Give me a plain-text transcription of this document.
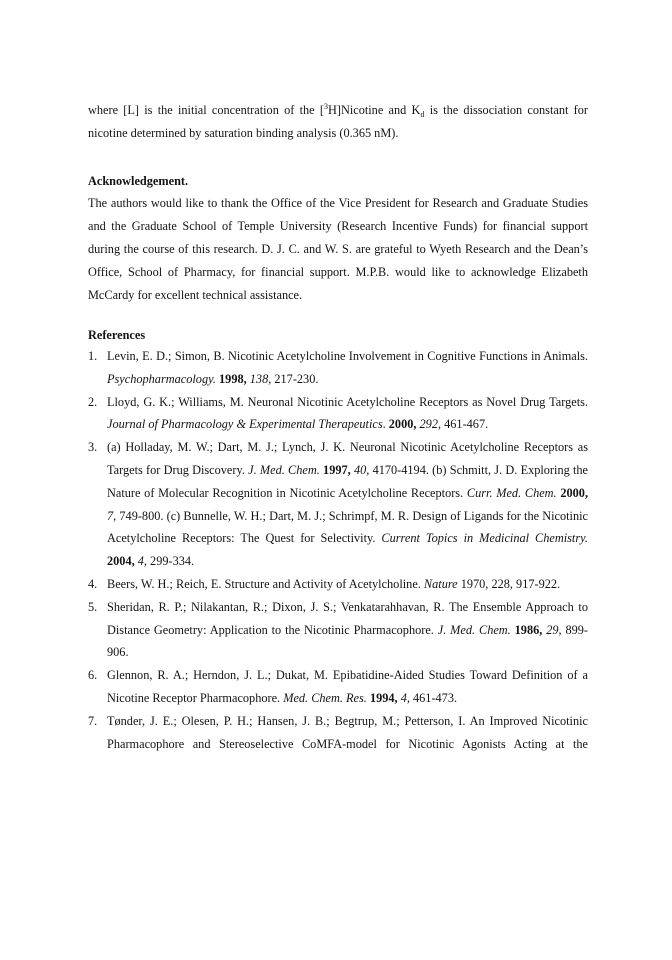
where [L] is the initial concentration of the [$^3$H]Nicotine and $K_d$ is the dissociation constant for nicotine determined by saturation binding analysis (0.365 nM).
Acknowledgement.
The authors would like to thank the Office of the Vice President for Research and Graduate Studies and the Graduate School of Temple University (Research Incentive Funds) for financial support during the course of this research. D. J. C. and W. S. are grateful to Wyeth Research and the Dean’s Office, School of Pharmacy, for financial support. M.P.B. would like to acknowledge Elizabeth McCardy for excellent technical assistance.
References
1. Levin, E. D.; Simon, B. Nicotinic Acetylcholine Involvement in Cognitive Functions in Animals. Psychopharmacology. 1998, 138, 217-230.
2. Lloyd, G. K.; Williams, M. Neuronal Nicotinic Acetylcholine Receptors as Novel Drug Targets. Journal of Pharmacology & Experimental Therapeutics. 2000, 292, 461-467.
3. (a) Holladay, M. W.; Dart, M. J.; Lynch, J. K. Neuronal Nicotinic Acetylcholine Receptors as Targets for Drug Discovery. J. Med. Chem. 1997, 40, 4170-4194. (b) Schmitt, J. D. Exploring the Nature of Molecular Recognition in Nicotinic Acetylcholine Receptors. Curr. Med. Chem. 2000, 7, 749-800. (c) Bunnelle, W. H.; Dart, M. J.; Schrimpf, M. R. Design of Ligands for the Nicotinic Acetylcholine Receptors: The Quest for Selectivity. Current Topics in Medicinal Chemistry. 2004, 4, 299-334.
4. Beers, W. H.; Reich, E. Structure and Activity of Acetylcholine. Nature 1970, 228, 917-922.
5. Sheridan, R. P.; Nilakantan, R.; Dixon, J. S.; Venkatarahhavan, R. The Ensemble Approach to Distance Geometry: Application to the Nicotinic Pharmacophore. J. Med. Chem. 1986, 29, 899-906.
6. Glennon, R. A.; Herndon, J. L.; Dukat, M. Epibatidine-Aided Studies Toward Definition of a Nicotine Receptor Pharmacophore. Med. Chem. Res. 1994, 4, 461-473.
7. Tønder, J. E.; Olesen, P. H.; Hansen, J. B.; Begtrup, M.; Petterson, I. An Improved Nicotinic Pharmacophore and Stereoselective CoMFA-model for Nicotinic Agonists Acting at the
